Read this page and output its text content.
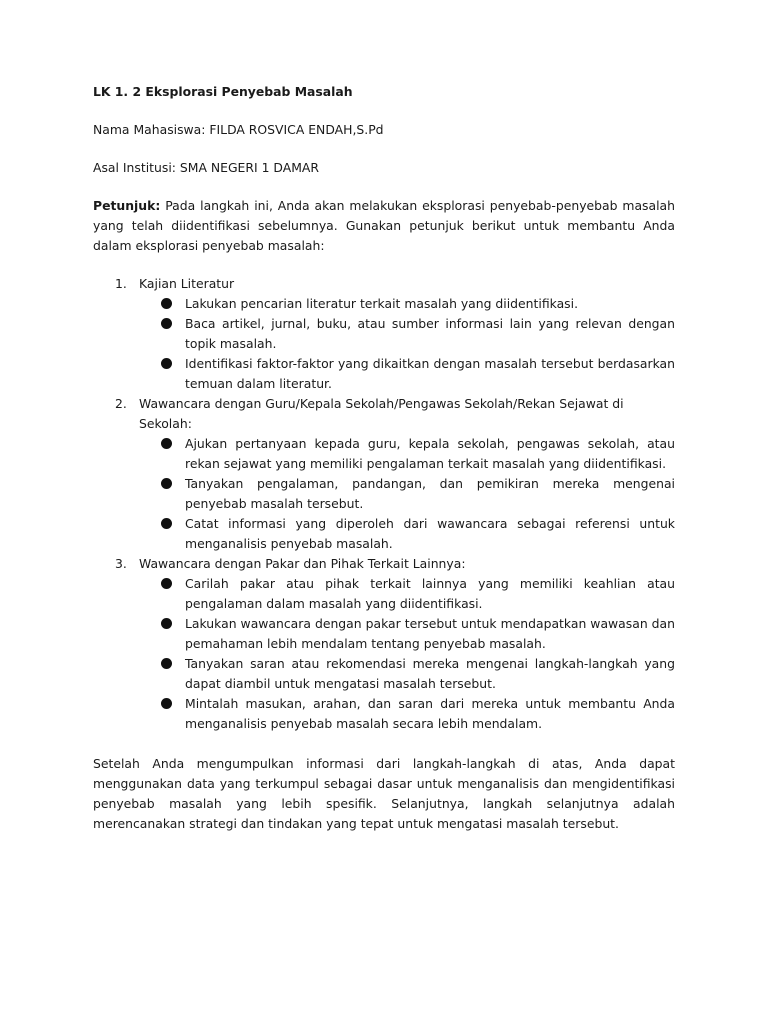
LK 1. 2 Eksplorasi Penyebab Masalah
Nama Mahasiswa: FILDA ROSVICA ENDAH,S.Pd
Asal Institusi: SMA NEGERI 1 DAMAR
Petunjuk: Pada langkah ini, Anda akan melakukan eksplorasi penyebab-penyebab masalah yang telah diidentifikasi sebelumnya. Gunakan petunjuk berikut untuk membantu Anda dalam eksplorasi penyebab masalah:
1. Kajian Literatur
Lakukan pencarian literatur terkait masalah yang diidentifikasi.
Baca artikel, jurnal, buku, atau sumber informasi lain yang relevan dengan topik masalah.
Identifikasi faktor-faktor yang dikaitkan dengan masalah tersebut berdasarkan temuan dalam literatur.
2. Wawancara dengan Guru/Kepala Sekolah/Pengawas Sekolah/Rekan Sejawat di Sekolah:
Ajukan pertanyaan kepada guru, kepala sekolah, pengawas sekolah, atau rekan sejawat yang memiliki pengalaman terkait masalah yang diidentifikasi.
Tanyakan pengalaman, pandangan, dan pemikiran mereka mengenai penyebab masalah tersebut.
Catat informasi yang diperoleh dari wawancara sebagai referensi untuk menganalisis penyebab masalah.
3. Wawancara dengan Pakar dan Pihak Terkait Lainnya:
Carilah pakar atau pihak terkait lainnya yang memiliki keahlian atau pengalaman dalam masalah yang diidentifikasi.
Lakukan wawancara dengan pakar tersebut untuk mendapatkan wawasan dan pemahaman lebih mendalam tentang penyebab masalah.
Tanyakan saran atau rekomendasi mereka mengenai langkah-langkah yang dapat diambil untuk mengatasi masalah tersebut.
Mintalah masukan, arahan, dan saran dari mereka untuk membantu Anda menganalisis penyebab masalah secara lebih mendalam.
Setelah Anda mengumpulkan informasi dari langkah-langkah di atas, Anda dapat menggunakan data yang terkumpul sebagai dasar untuk menganalisis dan mengidentifikasi penyebab masalah yang lebih spesifik. Selanjutnya, langkah selanjutnya adalah merencanakan strategi dan tindakan yang tepat untuk mengatasi masalah tersebut.
